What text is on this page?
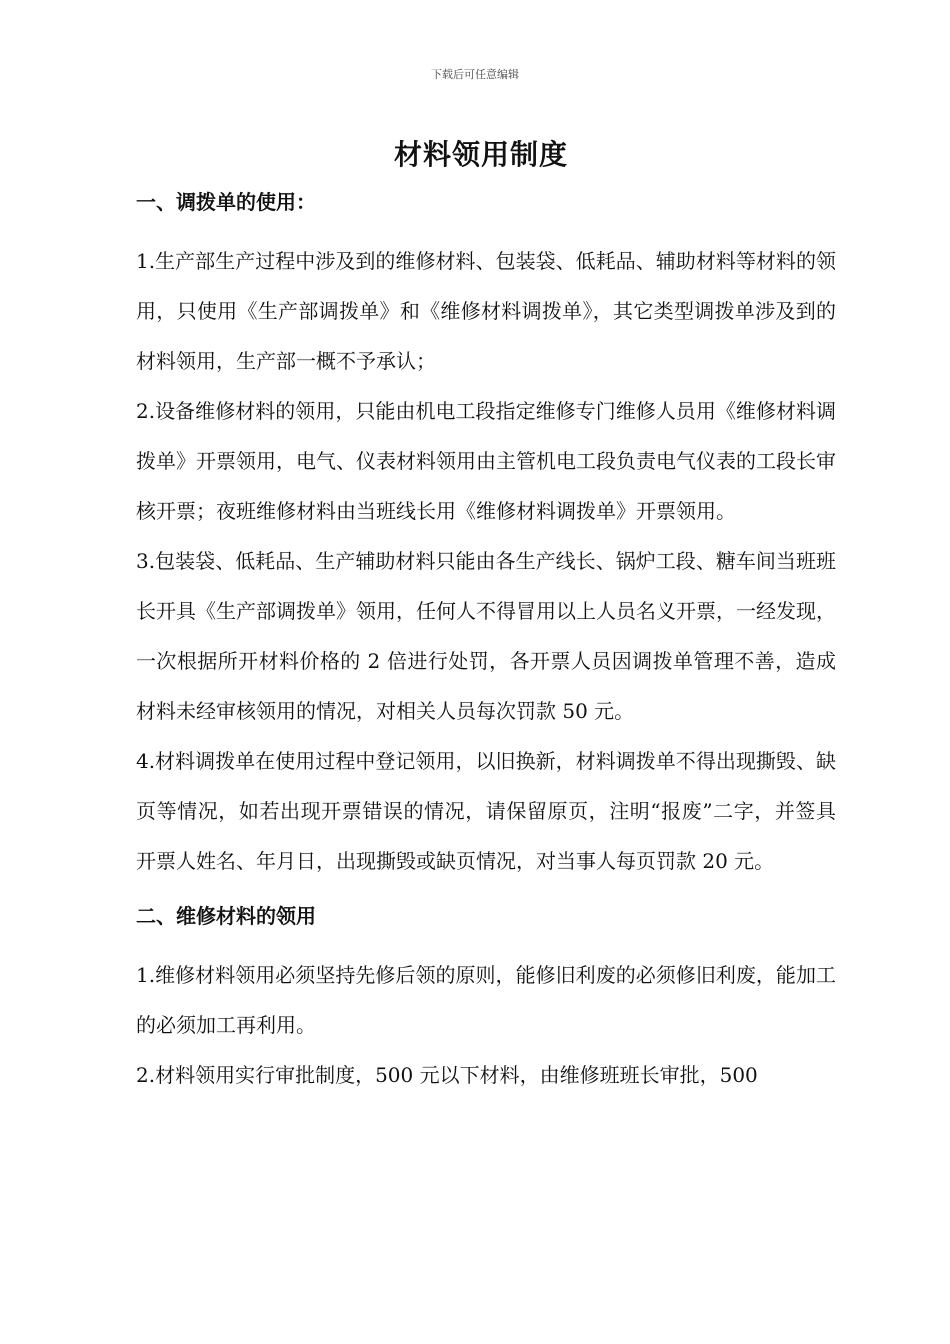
下载后可任意编辑
材料领用制度
一、调拨单的使用：

1.生产部生产过程中涉及到的维修材料、包装袋、低耗品、辅助材料等材料的领用，只使用《生产部调拨单》和《维修材料调拨单》，其它类型调拨单涉及到的材料领用，生产部一概不予承认；

2.设备维修材料的领用，只能由机电工段指定维修专门维修人员用《维修材料调拨单》开票领用，电气、仪表材料领用由主管机电工段负责电气仪表的工段长审核开票；夜班维修材料由当班线长用《维修材料调拨单》开票领用。

3.包装袋、低耗品、生产辅助材料只能由各生产线长、锅炉工段、糖车间当班班长开具《生产部调拨单》领用，任何人不得冒用以上人员名义开票，一经发现，一次根据所开材料价格的 2 倍进行处罚，各开票人员因调拨单管理不善，造成材料未经审核领用的情况，对相关人员每次罚款 50 元。

4.材料调拨单在使用过程中登记领用，以旧换新，材料调拨单不得出现撕毁、缺页等情况，如若出现开票错误的情况，请保留原页，注明“报废”二字，并签具开票人姓名、年月日，出现撕毁或缺页情况，对当事人每页罚款 20 元。

二、维修材料的领用

1.维修材料领用必须坚持先修后领的原则，能修旧利废的必须修旧利废，能加工的必须加工再利用。

2.材料领用实行审批制度，500 元以下材料，由维修班班长审批，500
